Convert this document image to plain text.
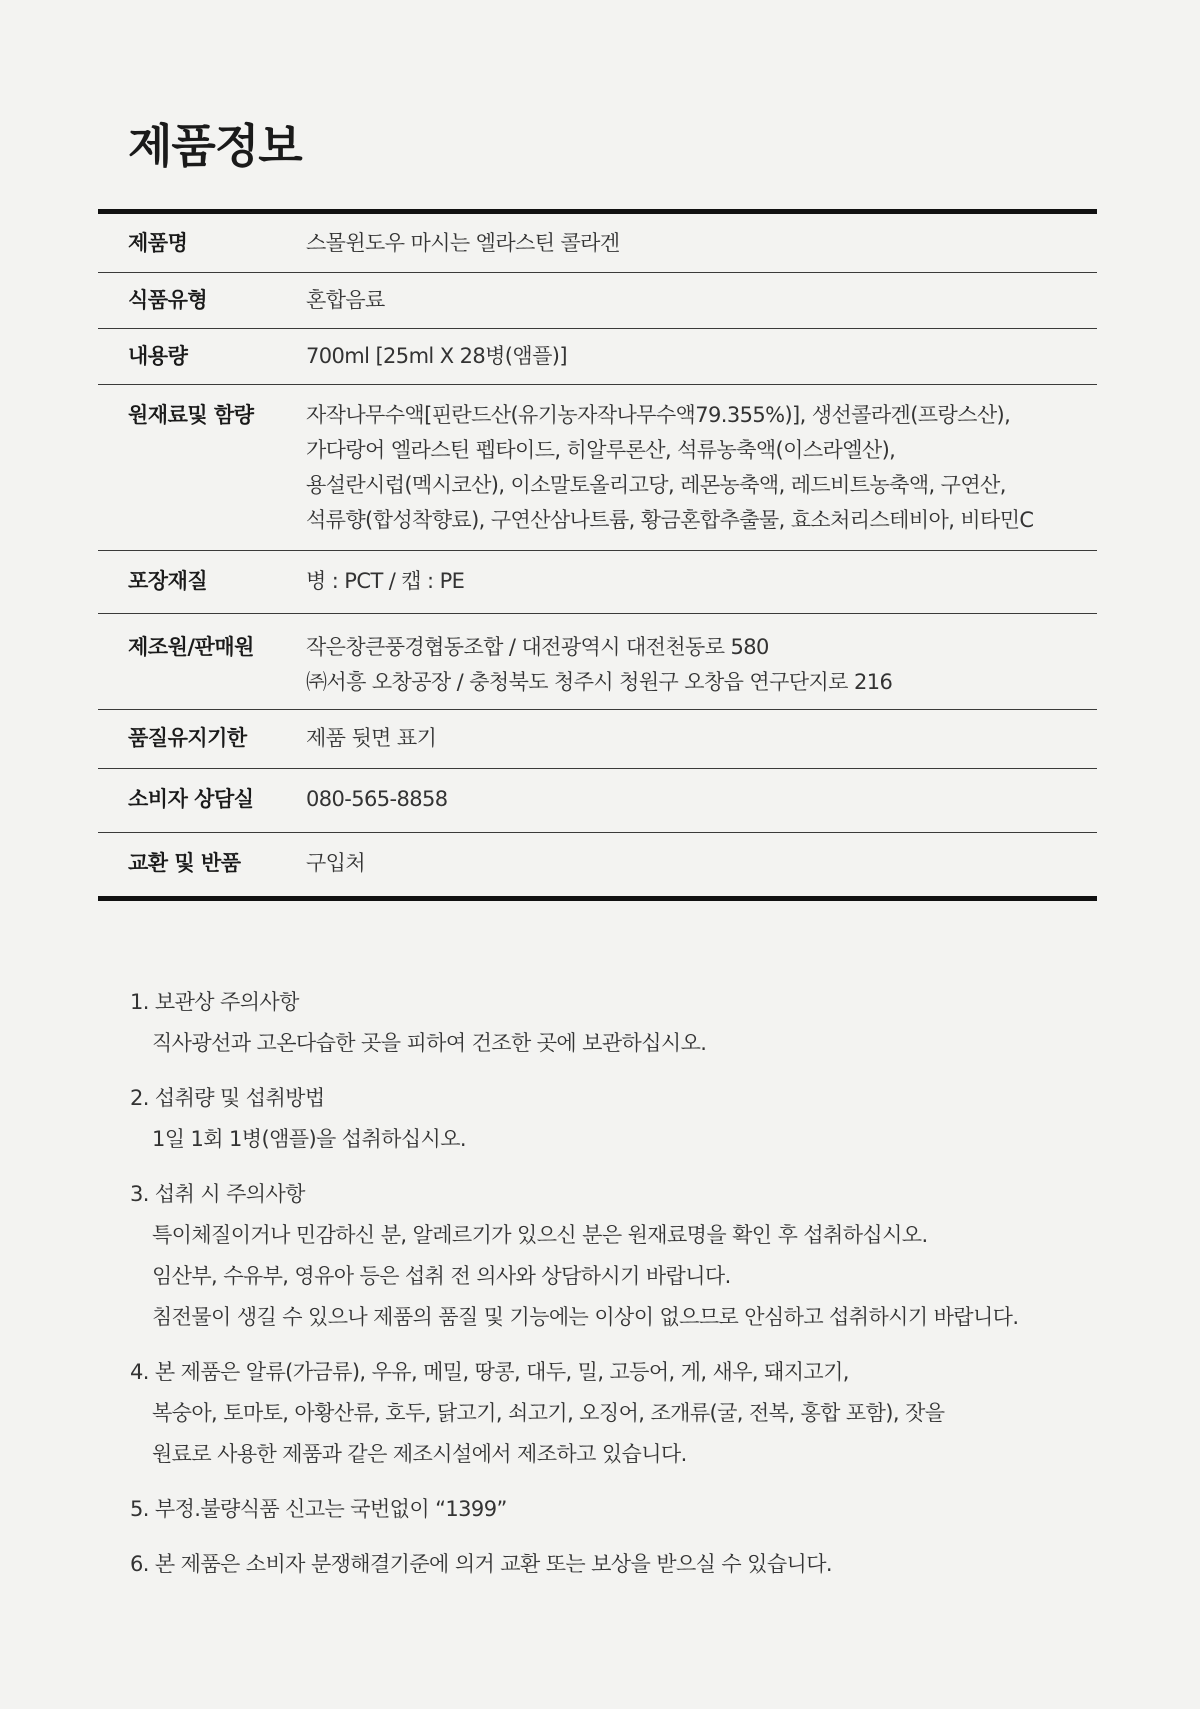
제품정보
제품명	스몰윈도우 마시는 엘라스틴 콜라겐
식품유형	혼합음료
내용량	700ml [25ml X 28병(앰플)]
원재료및 함량	자작나무수액[핀란드산(유기농자작나무수액79.355%)], 생선콜라겐(프랑스산),
가다랑어 엘라스틴 펩타이드, 히알루론산, 석류농축액(이스라엘산),
용설란시럽(멕시코산), 이소말토올리고당, 레몬농축액, 레드비트농축액, 구연산,
석류향(합성착향료), 구연산삼나트륨, 황금혼합추출물, 효소처리스테비아, 비타민C
포장재질	병 : PCT / 캡 : PE
제조원/판매원	작은창큰풍경협동조합 / 대전광역시 대전천동로 580
㈜서흥 오창공장 / 충청북도 청주시 청원구 오창읍 연구단지로 216
품질유지기한	제품 뒷면 표기
소비자 상담실	080-565-8858
교환 및 반품	구입처
1. 보관상 주의사항
직사광선과 고온다습한 곳을 피하여 건조한 곳에 보관하십시오.
2. 섭취량 및 섭취방법
1일 1회 1병(앰플)을 섭취하십시오.
3. 섭취 시 주의사항
특이체질이거나 민감하신 분, 알레르기가 있으신 분은 원재료명을 확인 후 섭취하십시오.
임산부, 수유부, 영유아 등은 섭취 전 의사와 상담하시기 바랍니다.
침전물이 생길 수 있으나 제품의 품질 및 기능에는 이상이 없으므로 안심하고 섭취하시기 바랍니다.
4. 본 제품은 알류(가금류), 우유, 메밀, 땅콩, 대두, 밀, 고등어, 게, 새우, 돼지고기,
복숭아, 토마토, 아황산류, 호두, 닭고기, 쇠고기, 오징어, 조개류(굴, 전복, 홍합 포함), 잣을
원료로 사용한 제품과 같은 제조시설에서 제조하고 있습니다.
5. 부정.불량식품 신고는 국번없이 “1399”
6. 본 제품은 소비자 분쟁해결기준에 의거 교환 또는 보상을 받으실 수 있습니다.
